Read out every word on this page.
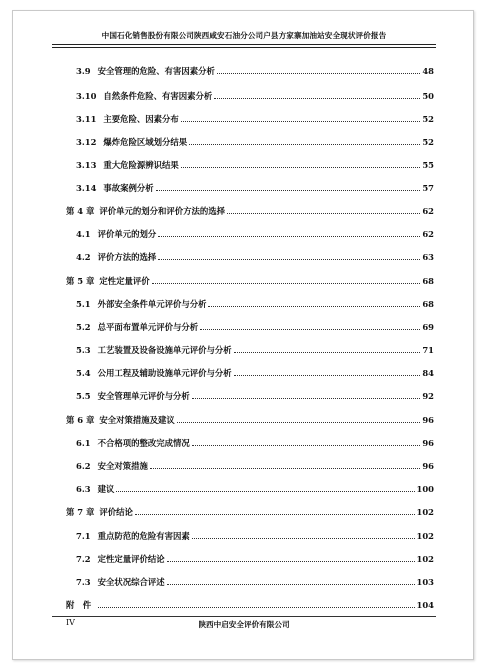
中国石化销售股份有限公司陕西咸安石油分公司户县方家寨加油站安全现状评价报告
3.9 安全管理的危险、有害因素分析	48
3.10 自然条件危险、有害因素分析	50
3.11 主要危险、因素分布	52
3.12 爆炸危险区域划分结果	52
3.13 重大危险源辨识结果	55
3.14 事故案例分析	57
第 4 章 评价单元的划分和评价方法的选择	62
4.1 评价单元的划分	62
4.2 评价方法的选择	63
第 5 章 定性定量评价	68
5.1 外部安全条件单元评价与分析	68
5.2 总平面布置单元评价与分析	69
5.3 工艺装置及设备设施单元评价与分析	71
5.4 公用工程及辅助设施单元评价与分析	84
5.5 安全管理单元评价与分析	92
第 6 章 安全对策措施及建议	96
6.1 不合格项的整改完成情况	96
6.2 安全对策措施	96
6.3 建议	100
第 7 章 评价结论	102
7.1 重点防范的危险有害因素	102
7.2 定性定量评价结论	102
7.3 安全状况综合评述	103
附　件	104
IV	陕西中启安全评价有限公司
